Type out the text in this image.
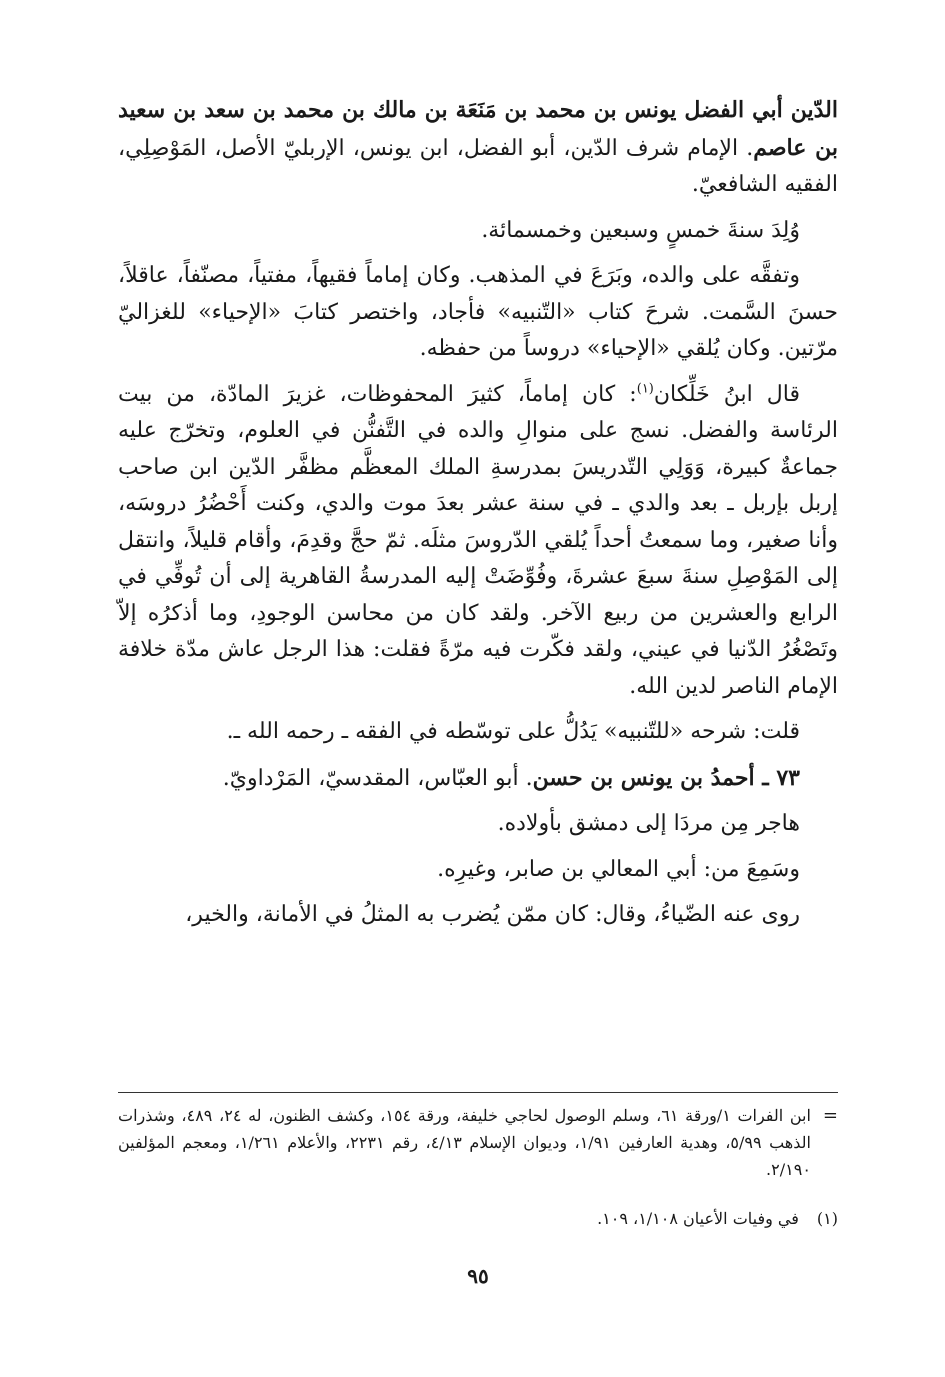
الدّين أبي الفضل يونس بن محمد بن مَنَعَة بن مالك بن محمد بن سعد بن سعيد بن عاصم. الإمام شرف الدّين، أبو الفضل، ابن يونس، الإربليّ الأصل، المَوْصِلِي، الفقيه الشافعيّ.

وُلِدَ سنةَ خمسٍ وسبعين وخمسمائة.

وتفقَّه على والده، وبَرَعَ في المذهب. وكان إماماً فقيهاً، مفتياً، مصنّفاً، عاقلاً، حسنَ السَّمت. شرحَ كتاب «التّنبيه» فأجاد، واختصر كتابَ «الإحياء» للغزاليّ مرّتين. وكان يُلقي «الإحياء» دروساً من حفظه.

قال ابنُ خَلِّكان$^{(١)}$: كان إماماً، كثيرَ المحفوظات، غزيرَ المادّة، من بيت الرئاسة والفضل. نسج على منوالِ والده في التَّفنُّن في العلوم، وتخرّج عليه جماعةٌ كبيرة، وَوَلِي التّدريسَ بمدرسةِ الملك المعظَّم مظفَّر الدّين ابن صاحب إربل بإربل ـ بعد والدي ـ في سنة عشر بعدَ موت والدي، وكنت أَحْضُرُ دروسَه، وأنا صغير، وما سمعتُ أحداً يُلقي الدّروسَ مثلَه. ثمّ حجَّ وقدِمَ، وأقام قليلاً، وانتقل إلى المَوْصِلِ سنةَ سبعَ عشرةَ، وفُوِّضَتْ إليه المدرسةُ القاهرية إلى أن تُوفِّي في الرابع والعشرين من ربيع الآخر. ولقد كان من محاسن الوجودِ، وما أذكرُه إلاّ وتَصْغُرُ الدّنيا في عيني، ولقد فكّرت فيه مرّةً فقلت: هذا الرجل عاش مدّة خلافة الإمام الناصر لدين الله.

قلت: شرحه «للتّنبيه» يَدُلُّ على توسّطه في الفقه ـ رحمه الله ـ.

٧٣ ـ أحمدُ بن يونس بن حسن. أبو العبّاس، المقدسيّ، المَرْداويّ.

هاجر مِن مردَا إلى دمشق بأولاده.

وسَمِعَ من: أبي المعالي بن صابر، وغيرِه.

روى عنه الضّياءُ، وقال: كان ممّن يُضرب به المثلُ في الأمانة، والخير،

=
ابن الفرات ١/ورقة ٦١، وسلم الوصول لحاجي خليفة، ورقة ١٥٤، وكشف الظنون، له ٢٤، ٤٨٩، وشذرات الذهب ٥/٩٩، وهدية العارفين ١/٩١، وديوان الإسلام ٤/١٣، رقم ٢٢٣١، والأعلام ١/٢٦١، ومعجم المؤلفين ٢/١٩٠.
(١)
في وفيات الأعيان ١/١٠٨، ١٠٩.
٩٥
